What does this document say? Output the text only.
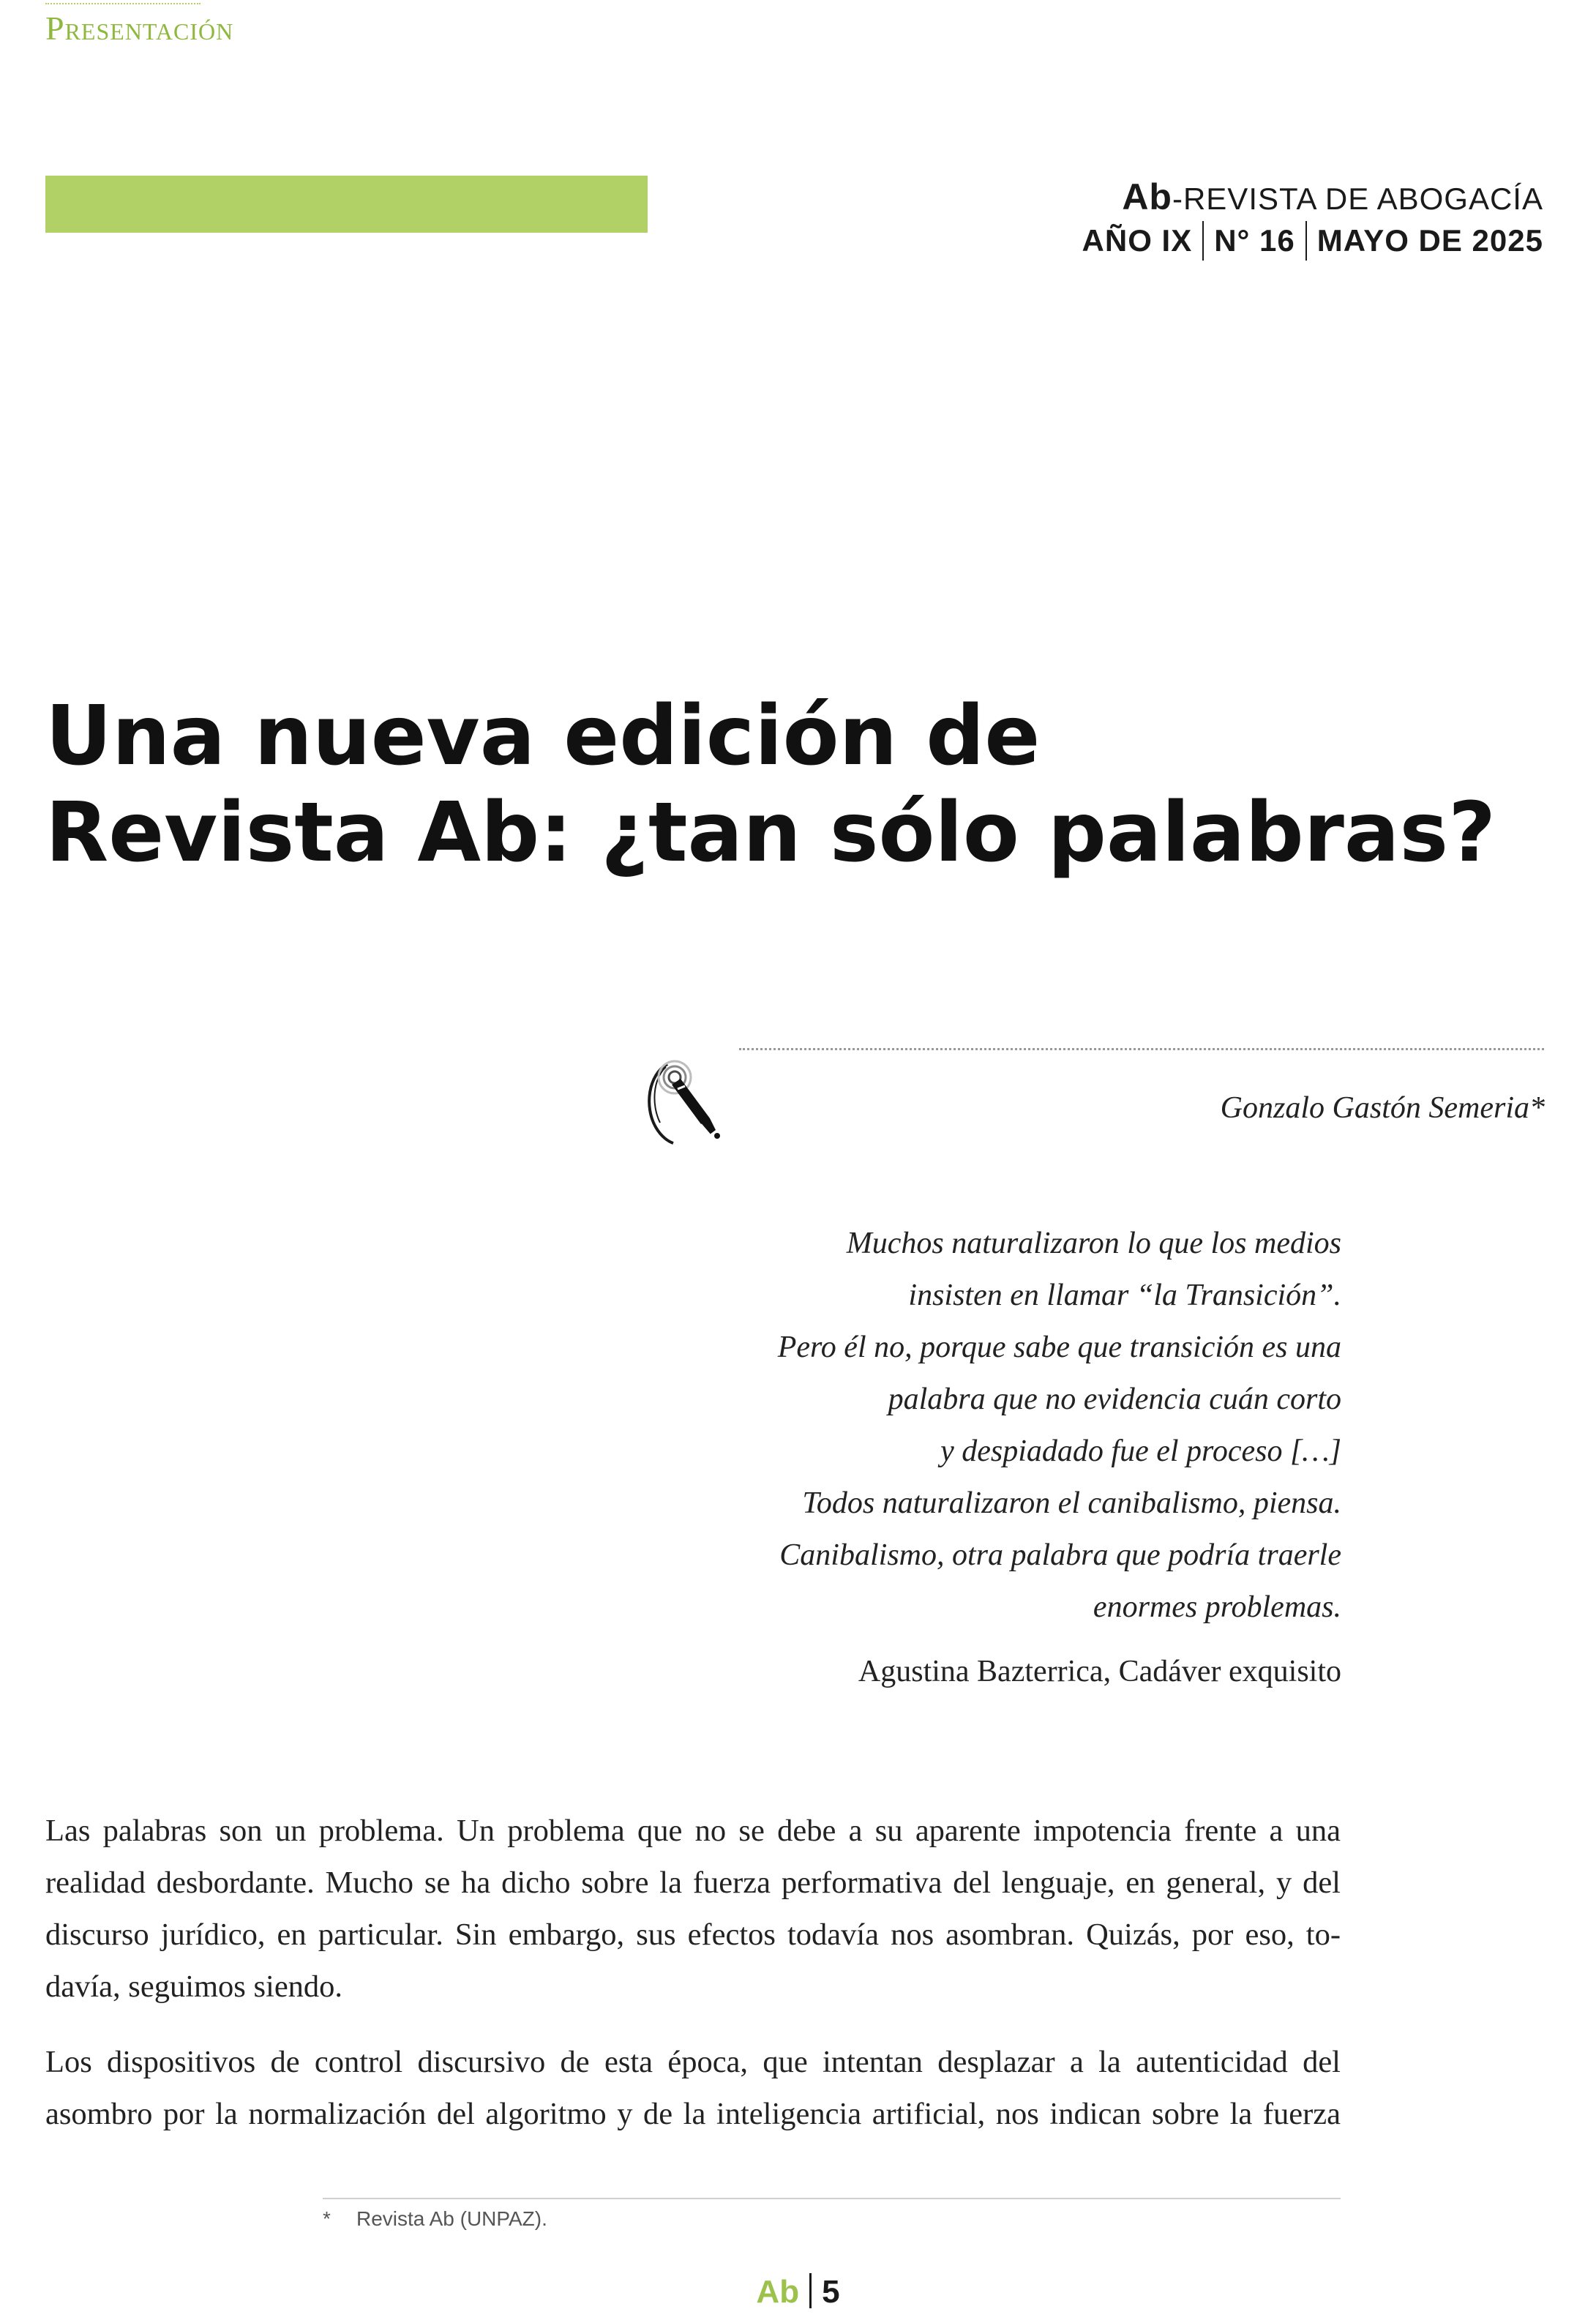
Presentación
Ab-REVISTA DE ABOGACÍA
AÑO IX N° 16 MAYO DE 2025
Una nueva edición de
Revista Ab: ¿tan sólo palabras?
Gonzalo Gastón Semeria*
Muchos naturalizaron lo que los medios
insisten en llamar “la Transición”.
Pero él no, porque sabe que transición es una
palabra que no evidencia cuán corto
y despiadado fue el proceso […]
Todos naturalizaron el canibalismo, piensa.
Canibalismo, otra palabra que podría traerle
enormes problemas.
Agustina Bazterrica, Cadáver exquisito

Las palabras son un problema. Un problema que no se debe a su aparente impotencia frente a una
realidad desbordante. Mucho se ha dicho sobre la fuerza performativa del lenguaje, en general, y del
discurso jurídico, en particular. Sin embargo, sus efectos todavía nos asombran. Quizás, por eso, to-
davía, seguimos siendo.

Los dispositivos de control discursivo de esta época, que intentan desplazar a la autenticidad del
asombro por la normalización del algoritmo y de la inteligencia artificial, nos indican sobre la fuerza

* Revista Ab (UNPAZ).
Ab 5
